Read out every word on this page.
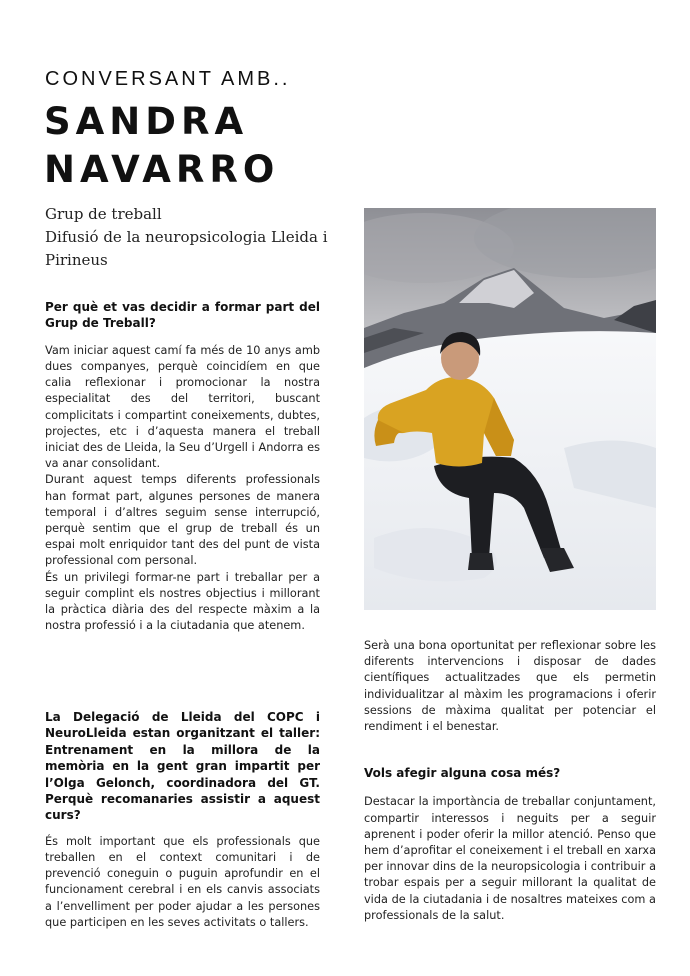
CONVERSANT AMB..
SANDRA
NAVARRO
Grup de treball
Difusió de la neuropsicologia Lleida i Pirineus

Per què et vas decidir a formar part del Grup de Treball?

Vam iniciar aquest camí fa més de 10 anys amb dues companyes, perquè coincidíem en que calia reflexionar i promocionar la nostra especialitat des del territori, buscant complicitats i compartint coneixements, dubtes, projectes, etc i d’aquesta manera el treball iniciat des de Lleida, la Seu d’Urgell i Andorra es va anar consolidant.

Durant aquest temps diferents professionals han format part, algunes persones de manera temporal i d’altres seguim sense interrupció, perquè sentim que el grup de treball és un espai molt enriquidor tant des del punt de vista professional com personal.

És un privilegi formar-ne part i treballar per a seguir complint els nostres objectius i millorant la pràctica diària des del respecte màxim a la nostra professió i a la ciutadania que atenem.

La Delegació de Lleida del COPC i NeuroLleida estan organitzant el taller: Entrenament en la millora de la memòria en la gent gran impartit per l’Olga Gelonch, coordinadora del GT. Perquè recomanaries assistir a aquest curs?

És molt important que els professionals que treballen en el context comunitari i de prevenció coneguin o puguin aprofundir en el funcionament cerebral i en els canvis associats a l’envelliment per poder ajudar a les persones que participen en les seves activitats o tallers.

Serà una bona oportunitat per reflexionar sobre les diferents intervencions i disposar de dades científiques actualitzades que els permetin individualitzar al màxim les programacions i oferir sessions de màxima qualitat per potenciar el rendiment i el benestar.

Vols afegir alguna cosa més?

Destacar la importància de treballar conjuntament, compartir interessos i neguits per a seguir aprenent i poder oferir la millor atenció. Penso que hem d’aprofitar el coneixement i el treball en xarxa per innovar dins de la neuropsicologia i contribuir a trobar espais per a seguir millorant la qualitat de vida de la ciutadania i de nosaltres mateixes com a professionals de la salut.
